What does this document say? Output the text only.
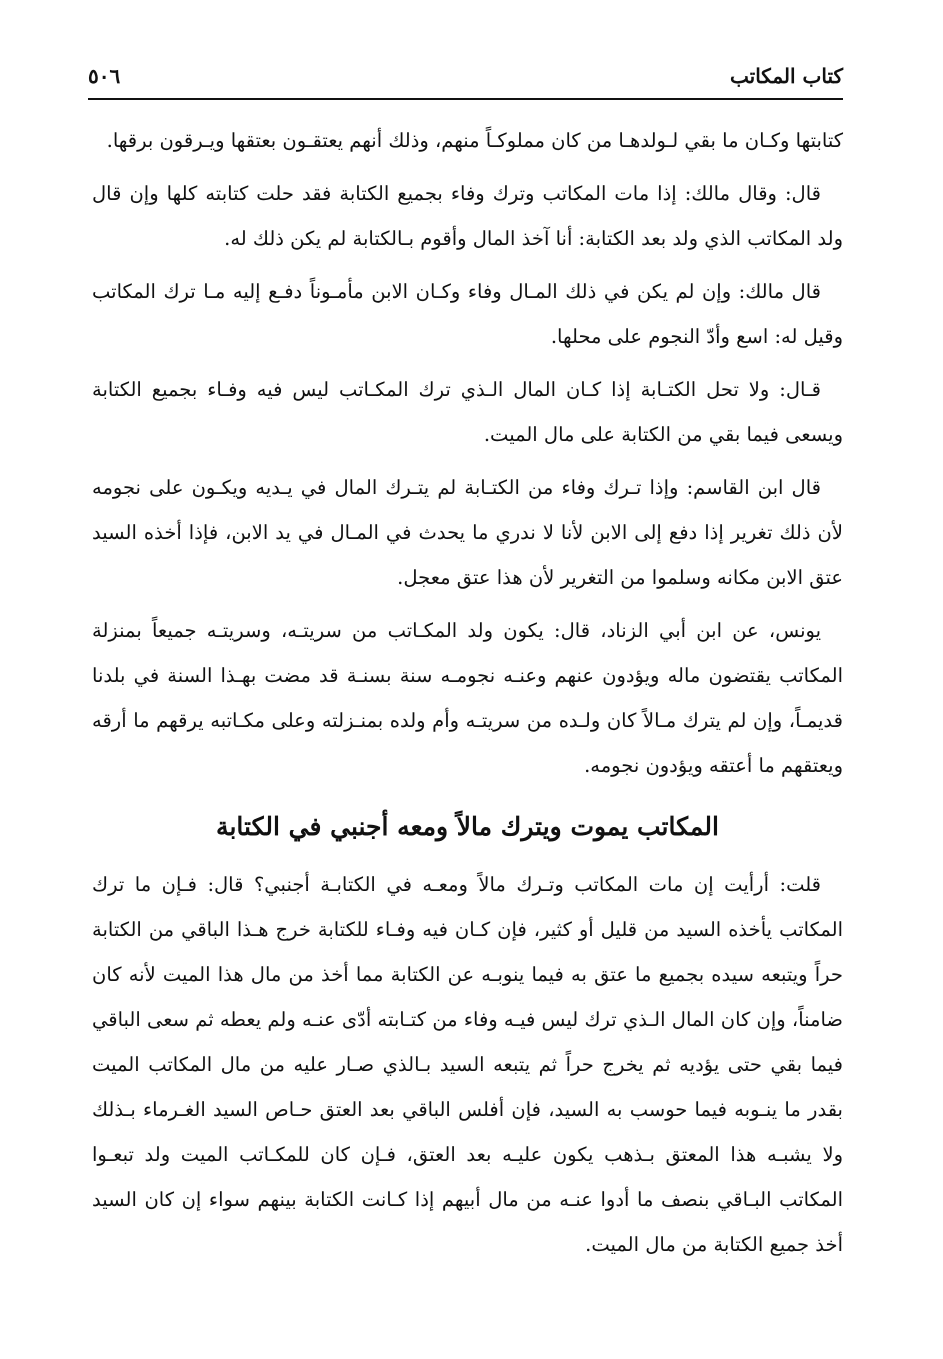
كتاب المكاتب
٥٠٦

كتابتها وكـان ما بقي لـولدهـا من كان مملوكـاً منهم، وذلك أنهم يعتقـون بعتقها ويـرقون برقها.

قال: وقال مالك: إذا مات المكاتب وترك وفاء بجميع الكتابة فقد حلت كتابته كلها وإن قال ولد المكاتب الذي ولد بعد الكتابة: أنا آخذ المال وأقوم بـالكتابة لم يكن ذلك له.

قال مالك: وإن لم يكن في ذلك المـال وفاء وكـان الابن مأمـوناً دفـع إليه مـا ترك المكاتب وقيل له: اسع وأدّ النجوم على محلها.

قـال: ولا تحل الكتـابة إذا كـان المال الـذي ترك المكـاتب ليس فيه وفـاء بجميع الكتابة ويسعى فيما بقي من الكتابة على مال الميت.

قال ابن القاسم: وإذا تـرك وفاء من الكتـابة لم يتـرك المال في يـديه ويكـون على نجومه لأن ذلك تغرير إذا دفع إلى الابن لأنا لا ندري ما يحدث في المـال في يد الابن، فإذا أخذه السيد عتق الابن مكانه وسلموا من التغرير لأن هذا عتق معجل.

يونس، عن ابن أبي الزناد، قال: يكون ولد المكـاتب من سريتـه، وسريتـه جميعاً بمنزلة المكاتب يقتضون ماله ويؤدون عنهم وعنـه نجومـه سنة بسنـة قد مضت بهـذا السنة في بلدنا قديمـاً، وإن لم يترك مـالاً كان ولـده من سريتـه وأم ولده بمنـزلته وعلى مكـاتبه يرقهم ما أرقه ويعتقهم ما أعتقه ويؤدون نجومه.

المكاتب يموت ويترك مالاً ومعه أجنبي في الكتابة

قلت: أرأيت إن مات المكاتب وتـرك مالاً ومعـه في الكتابـة أجنبي؟ قال: فـإن ما ترك المكاتب يأخذه السيد من قليل أو كثير، فإن كـان فيه وفـاء للكتابة خرج هـذا الباقي من الكتابة حراً ويتبعه سيده بجميع ما عتق به فيما ينوبـه عن الكتابة مما أخذ من مال هذا الميت لأنه كان ضامناً، وإن كان المال الـذي ترك ليس فيـه وفاء من كتـابته أدّى عنـه ولم يعطه ثم سعى الباقي فيما بقي حتى يؤديه ثم يخرج حراً ثم يتبعه السيد بـالذي صـار عليه من مال المكاتب الميت بقدر ما ينـوبه فيما حوسب به السيد، فإن أفلس الباقي بعد العتق حـاص السيد الغـرماء بـذلك ولا يشبـه هذا المعتق بـذهب يكون عليـه بعد العتق، فـإن كان للمكـاتب الميت ولد تبعـوا المكاتب البـاقي بنصف ما أدوا عنـه من مال أبيهم إذا كـانت الكتابة بينهم سواء إن كان السيد أخذ جميع الكتابة من مال الميت.
